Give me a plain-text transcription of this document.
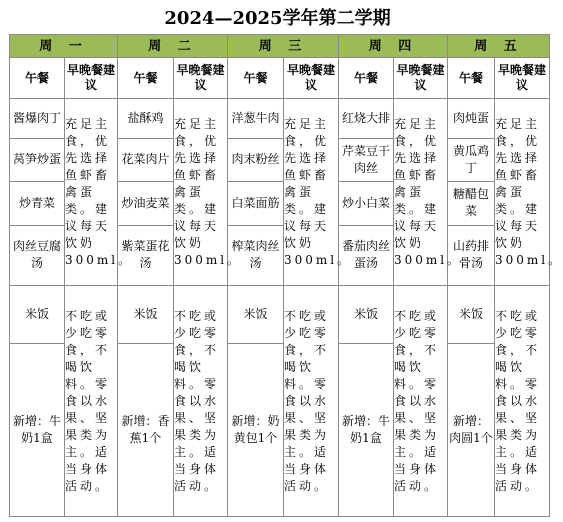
2024—2025学年第二学期
周 一		周 二		周 三		周 四		周 五	
午餐	早晚餐建议	午餐	早晚餐建议	午餐	早晚餐建议	午餐	早晚餐建议	午餐	早晚餐建议
酱爆肉丁	充足主食，优先选择鱼虾畜禽蛋类。建议每天饮奶300ml。	盐酥鸡	充足主食，优先选择鱼虾畜禽蛋类。建议每天饮奶300ml。	洋葱牛肉	充足主食，优先选择鱼虾畜禽蛋类。建议每天饮奶300ml。	红烧大排	充足主食，优先选择鱼虾畜禽蛋类。建议每天饮奶300ml。	肉炖蛋	充足主食，优先选择鱼虾畜禽蛋类。建议每天饮奶300ml。

莴笋炒蛋		花菜肉片		肉末粉丝		芹菜豆干肉丝		黄瓜鸡丁	
炒青菜		炒油麦菜		白菜面筋		炒小白菜		糖醋包菜	
肉丝豆腐汤		紫菜蛋花汤		榨菜肉丝汤		番茄肉丝蛋汤		山药排骨汤	
米饭	不吃或少吃零食，不喝饮料。零食以水果、坚果类为主。适当身体活动。	米饭	不吃或少吃零食，不喝饮料。零食以水果、坚果类为主。适当身体活动。	米饭	不吃或少吃零食，不喝饮料。零食以水果、坚果类为主。适当身体活动。	米饭	不吃或少吃零食，不喝饮料。零食以水果、坚果类为主。适当身体活动。	米饭	不吃或少吃零食，不喝饮料。零食以水果、坚果类为主。适当身体活动。

新增：牛奶1盒		新增：香蕉1个		新增：奶黄包1个		新增：牛奶1盒		新增：肉圆1个	
